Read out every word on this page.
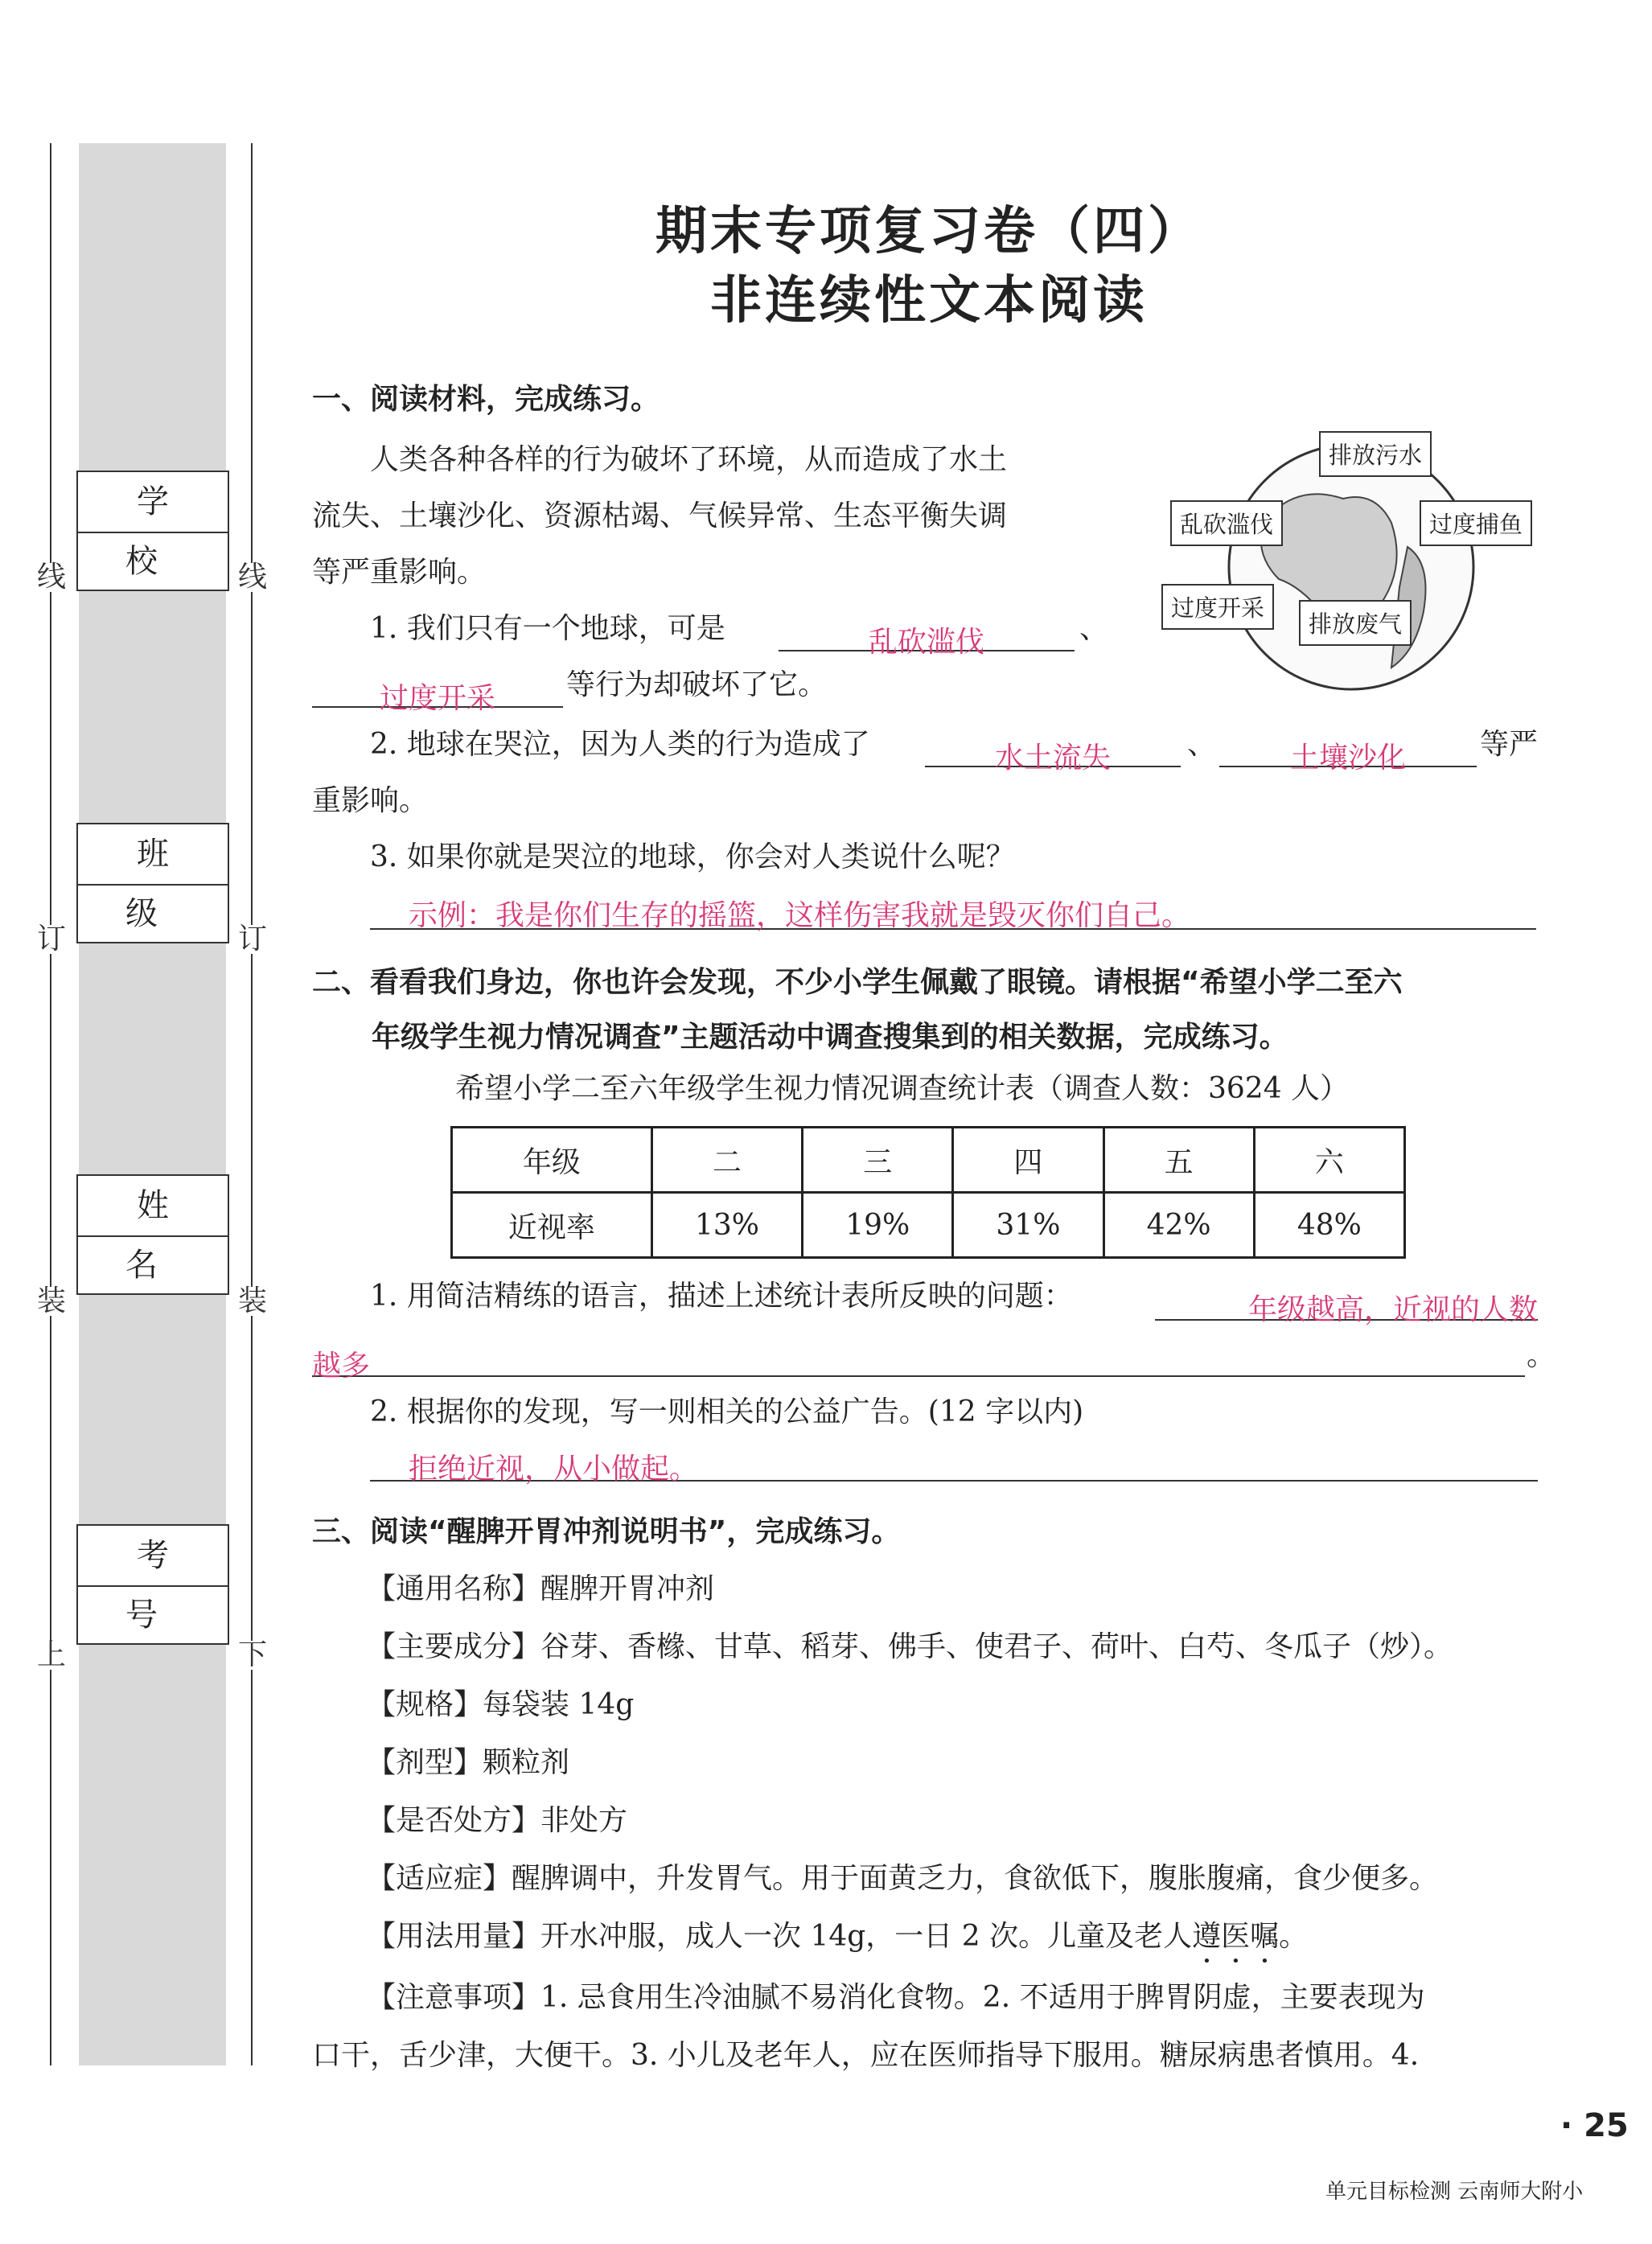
线
订
装
上
线
订
装
下
学 校
班 级
姓 名
考 号
期末专项复习卷（四）
非连续性文本阅读
一、阅读材料，完成练习。
人类各种各样的行为破坏了环境，从而造成了水土
流失、土壤沙化、资源枯竭、气候异常、生态平衡失调
等严重影响。
排放污水
乱砍滥伐	过度捕鱼
过度开采
排放废气
1. 我们只有一个地球，可是	乱砍滥伐	、
过度开采	等行为却破坏了它。
2. 地球在哭泣，因为人类的行为造成了	水土流失	、	土壤沙化	等严
重影响。
3. 如果你就是哭泣的地球，你会对人类说什么呢？
示例：我是你们生存的摇篮，这样伤害我就是毁灭你们自己。
二、看看我们身边，你也许会发现，不少小学生佩戴了眼镜。请根据“希望小学二至六
年级学生视力情况调查”主题活动中调查搜集到的相关数据，完成练习。
希望小学二至六年级学生视力情况调查统计表（调查人数：3624 人）
年级	二	三	四	五	六
近视率	13%	19%	31%	42%	48%
1. 用简洁精练的语言，描述上述统计表所反映的问题：	年级越高，近视的人数
越多	。
2. 根据你的发现，写一则相关的公益广告。(12 字以内)
拒绝近视，从小做起。
三、阅读“醒脾开胃冲剂说明书”，完成练习。
【通用名称】醒脾开胃冲剂
【主要成分】谷芽、香橼、甘草、稻芽、佛手、使君子、荷叶、白芍、冬瓜子（炒）。
【规格】每袋装 14g
【剂型】颗粒剂
【是否处方】非处方
【适应症】醒脾调中，升发胃气。用于面黄乏力，食欲低下，腹胀腹痛，食少便多。
【用法用量】开水冲服，成人一次 14g，一日 2 次。儿童及老人遵医嘱。
【注意事项】1. 忌食用生冷油腻不易消化食物。2. 不适用于脾胃阴虚，主要表现为
口干，舌少津，大便干。3. 小儿及老年人，应在医师指导下服用。糖尿病患者慎用。4.
· 25
单元目标检测 云南师大附小
